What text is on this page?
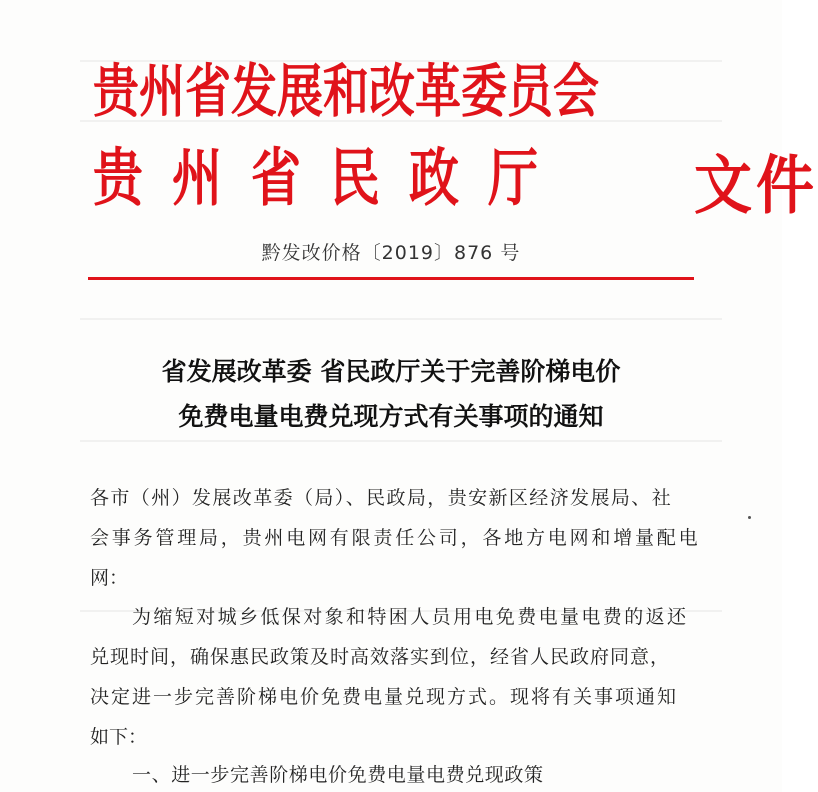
贵州省发展和改革委员会
贵州省民政厅 文件
黔发改价格〔2019〕876 号
省发展改革委 省民政厅关于完善阶梯电价
免费电量电费兑现方式有关事项的通知
各市（州）发展改革委（局）、民政局，贵安新区经济发展局、社
会事务管理局，贵州电网有限责任公司，各地方电网和增量配电
网：
为缩短对城乡低保对象和特困人员用电免费电量电费的返还
兑现时间，确保惠民政策及时高效落实到位，经省人民政府同意，
决定进一步完善阶梯电价免费电量兑现方式。现将有关事项通知
如下：
一、进一步完善阶梯电价免费电量电费兑现政策
